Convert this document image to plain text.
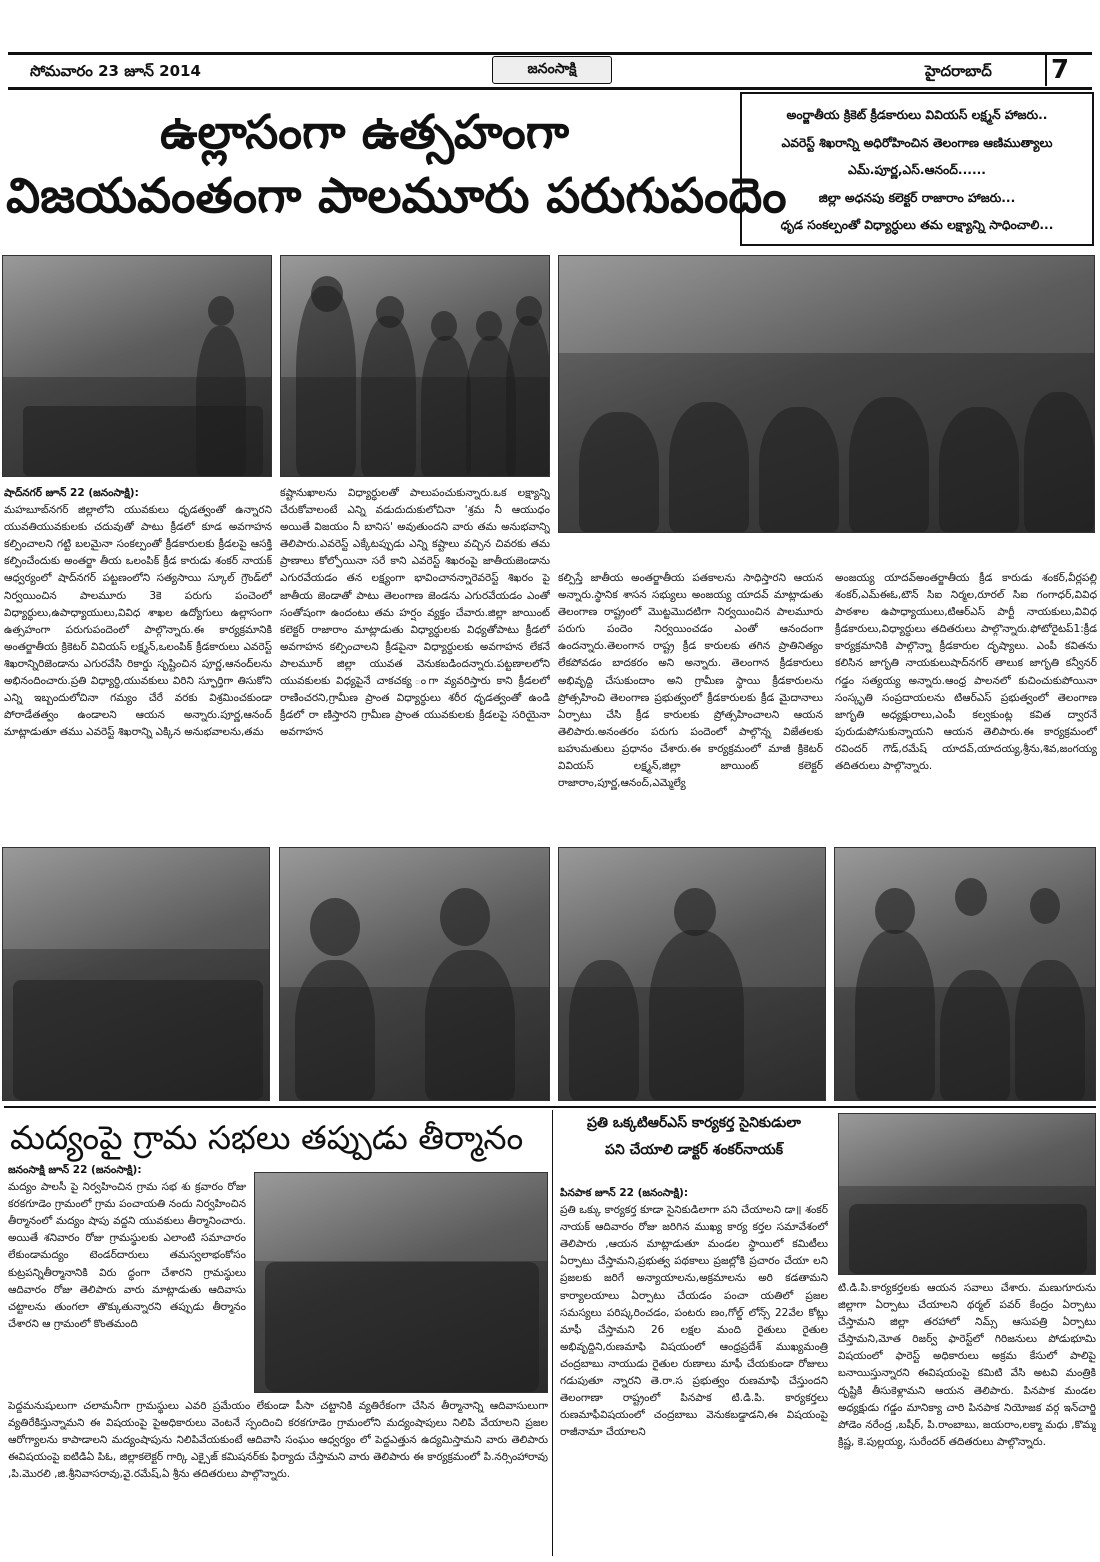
సోమవారం 23 జూన్ 2014	జనంసాక్షి	హైదరాబాద్ 7
ఉల్లాసంగా ఉత్సహంగా
విజయవంతంగా పాలమూరు పరుగుపందెం

అంర్జాతీయ క్రికెట్ క్రీడకారులు వివియస్ లక్ష్మన్ హాజరు..

ఎవరెస్ట్ శిఖరాన్ని అధిరోహించిన తెలంగాణ ఆణిముత్యాలు

ఎమ్.పూర్ణ,ఎస్.ఆనంద్......

జిల్లా అధనపు కలెక్టర్ రాజారాం హాజరు...

ధృడ సంకల్పంతో విధ్యార్ధులు తమ లక్ష్యాన్ని సాధించాలి...

షాద్‌నగర్ జూన్ 22 (జనంసాక్షి):
మహబూబ్‌నగర్ జిల్లాలోని యువకులు ధృడత్వంతో ఉన్నారని యువతియువకులకు చదువుతో పాటు క్రీడలో కూడ అవగాహన కల్పించాలని గట్టి బలమైనా సంకల్పంతో క్రీడకారులకు క్రీడలపై ఆసక్తి కల్పించేందుకు అంతర్జా తీయ ఒలంపిక్ క్రీడ కారుడు శంకర్ నాయక్ ఆధ్వర్యంలో షాద్‌నగర్ పట్టణంలోని సత్యసాయి స్కూల్ గ్రౌండ్‌లో నిర్వయించిన పాలమూరు 3కె పరుగు పంచెంలో విధ్యార్ధులు,ఉపాధ్యాయులు,వివిధ శాఖల ఉద్యోగులు ఉల్లాసంగా ఉత్సహంగా పరుగుపందెంలో పాల్గొన్నారు.ఈ కార్యక్రమానికి అంతర్జాతీయ క్రికెటర్ వివియస్ లక్ష్మన్,ఒలంపిక్ క్రీడకారులు ఎవరెస్ట్ శిఖరాన్నిరిజెండాను ఎగురవేసి రికార్డు సృష్టించిన పూర్ణ,ఆనంద్‌లను అభినందించారు.ప్రతి విధ్యార్ధి,యువకులు విరిని స్ఫూర్తిగా తిసుకోని ఎన్ని ఇబ్బందులోచినా గమ్యం చేరే వరకు విశ్రమించకుండా పోరాడేతత్వం ఉండాలని ఆయన అన్నారు.పూర్ణ,ఆనంద్ మాట్లాడుతూ తము ఎవరెస్ట్ శిఖరాన్ని ఎక్కిన అనుభవాలను,తమ
కష్టానుఖాలను విధ్యార్ధులతో పాలుపంచుకున్నారు.ఒక లక్ష్యాన్ని చేరుకోవాలంటే ఎన్ని వడుదుదుకులోచినా 'శ్రమ నీ ఆయుధం అయితే విజయం నీ బానిస' అవుతుందని వారు తమ అనుభవాన్ని తెలిపారు.ఎవరెస్ట్ ఎక్కేటప్పుడు ఎన్ని కష్టాలు వచ్చిన చివరకు తమ ప్రాణాలు కోల్పోయినా సరే కాని ఎవరెస్ట్ శిఖరంపై జాతీయజెండాను ఎగురవేయడం తన లక్ష్యంగా భావించానన్నారెవరెస్ట్ శిఖరం పై జాతీయ జెండాతో పాటు తెలంగాణ జెండను ఎగురవేయడం ఎంతో సంతోషంగా ఉందంటు తమ హర్షం వ్యక్తం చేవారు.జిల్లా జాయింట్ కలెక్టర్ రాజారాం మాట్లాడుతు విధ్యార్ధులకు విధ్యతోపాటు క్రీడలో అవగాహన కల్పించాలని క్రీడపైనా విధ్యార్ధులకు అవగాహన లేకనే పాలమూర్ జిల్లా యువత వెనుకబడిందన్నారు.పట్టణాలలోని యువకులకు విధ్యపైనే చాకచక్య ంగా వ్యవరిస్తారు కాని క్రీడలలో రాణించరని,గ్రామీణ ప్రాంత విధ్యార్ధులు శరీర ధృడత్వంతో ఉండి క్రీడలో రా ణిస్తారని గ్రామీణ ప్రాంత యువకులకు క్రీడలపై సరియైనా అవగాహన
కల్పిస్తే జాతీయ అంతర్జాతీయ పతకాలను సాధిస్తారని ఆయన అన్నారు.స్థానిక శాసన సభ్యులు అంజయ్య యాదవ్ మాట్లాడుతు తెలంగాణ రాష్ట్రంలో మొట్టమొదటిగా నిర్వయించిన పాలమూరు పరుగు పందెం నిర్వయించడం ఎంతో ఆనందంగా ఉందన్నారు.తెలంగాన రాష్ట్ర క్రీడ కారులకు తగిన ప్రాతినిత్యం లేకపోవడం బాదకరం అని అన్నారు. తెలంగాన క్రీడకారులు అభివృద్ది చేసుకుందాం అని గ్రామీణ స్థాయి క్రీడకారులను ప్రోత్సహించి తెలంగాణ ప్రభుత్వంలో క్రీడకారులకు క్రీడ మైదానాలు ఏర్పాటు చేసి క్రీడ కారులకు ప్రోత్సహించాలని ఆయన తెలిపారు.అనంతరం పరుగు పందెంలో పాల్గొన్న విజేతలకు బహుమతులు ప్రధానం చేశారు.ఈ కార్యక్రమంలో మాజీ క్రికెటర్ వివియస్ లక్ష్మన్,జిల్లా జాయింట్ కలెక్టర్ రాజారాం,పూర్ణ,ఆనంద్,ఎమ్మెల్యే
అంజయ్య యాదవ్అంతర్జాతీయ క్రీడ కారుడు శంకర్,వీర్లపల్లి శంకర్,ఎమ్ఈఓ,టౌన్ సిఐ నిర్మల,రూరల్ సిఐ గంగాధర్,వివిధ పాఠశాల ఉపాధ్యాయులు,టిఆర్ఎస్ పార్టీ నాయకులు,వివిధ క్రీడకారులు,విధ్యార్ధులు తదితరులు పాల్గొన్నారు.ఫోటోరైటప్1:క్రీడ కార్యక్రమానికి పాల్గొన్నా క్రీడకారుల దృష్యాలు. ఎంపీ కవితను కలిసిన జాగృతి నాయకులుషాద్‌నగర్ తాలుక జాగృతి కన్వీనర్ గడ్డం సత్యయ్య అన్నారు.ఆంధ్ర పాలనలో కుచించుకుపోయినా సంస్కృతి సంప్రదాయలను టిఆర్ఎస్ ప్రభుత్వంలో తెలంగాణ జాగృతి అధ్యక్షురాలు,ఎంపీ కల్వకుంట్ల కవిత ద్వారనే పురుడుపోసుకున్నాయని ఆయన తెలిపారు.ఈ కార్యక్రమంలో రవిందర్ గౌడ్,రమేష్ యాదవ్,యాదయ్య,శ్రీను,శివ,జంగయ్య తదితరులు పాల్గొన్నారు.
మద్యంపై గ్రామ సభలు తప్పుడు తీర్మానం
జనంసాక్షి జూన్ 22 (జనంసాక్షి):
మద్యం పాలసీ పై నిర్వహించిన గ్రామ సభ శు క్రవారం రోజు కరకగూడెం గ్రామంలో గ్రామ పంచాయతి నందు నిర్వహించిన తీర్మానంలో మద్యం షాపు వద్దని యువకులు తీర్మానించారు. అయితే శనివారం రోజు గ్రామస్థులకు ఎలాంటి సమాచారం లేకుండామద్యం టెండర్‌దారులు తమస్వలాభంకోసం కుట్రపన్నితీర్మానానికి విరు ద్ధంగా చేశారని గ్రామస్థులు ఆదివారం రోజు తెలిపారు వారు మాట్లాడుతు ఆదివాసు చట్టాలను తుంగలా తొక్కుతున్నారని తప్పుడు తీర్మానం చేశారని ఆ గ్రామంలో కొంతమంది
పెద్దమనుషులుగా చలామనీగా గ్రామస్థులు ఎవరి ప్రమేయం లేకుండా పీసా చట్టానికి వ్యతిరేకంగా చేసిన తీర్మానాన్ని ఆదివాసులుగా వ్యతిరేకిస్తున్నామని ఈ విషయంపై పైఅధికారులు వెంటనే స్పందించి కరకగూడెం గ్రామంలోని మద్యంషాపులు నిలిపి వేయాలని ప్రజల ఆరోగ్యాలను కాపాడాలని మద్యంషాపును నిలిపివేయకుంటే ఆదివాసి సంఘం ఆధ్వర్యం లో పెద్దఎత్తున ఉద్యమిస్తామని వారు తెలిపారు ఈవిషయంపై ఐటిడిఏ పిఓ, జిల్లాకలెక్టర్ గార్కి ఎక్సైజ్ కమిషనర్‌కు ఫిర్యాదు చేస్తామని వారు తెలిపారు ఈ కార్యక్రమంలో పి.నర్సింహారావు ,పి.మొరలి ,జి.శ్రీనివాసరావు,వై.రమేష్,ఏ శ్రీను తదితరులు పాల్గొన్నారు.

ప్రతి ఒక్కటిఆర్ఎస్ కార్యకర్త సైనికుడులా

పని చేయాలి డాక్టర్ శంకర్‌నాయక్

పినపాక జూన్ 22 (జనంసాక్షి):
ప్రతి ఒక్కు కార్యకర్త కూడా సైనికుడిలాగా పని చేయాలని డా॥ శంకర్ నాయక్ ఆదివారం రోజు జరిగిన ముఖ్య కార్య కర్తల సమావేశంలో తెలిపారు ,ఆయన మాట్లాడుతూ మండల స్థాయిలో కమిటీలు ఏర్పాటు చేస్తామని,ప్రభుత్వ పథకాలు ప్రజల్లోకి ప్రచారం చేయా లని ప్రజలకు జరిగే అన్యాయాలను,అక్రమాలను అరి కడతామని కార్యాలయాలు ఏర్పాటు చేయడం పంచా యతిలో ప్రజల సమస్యలు పరిష్కరించడం, పంటరు ణం,గోల్డ్ లోన్స్ 22వేల కోట్లు మాఫీ చేస్తామని 26 లక్షల మంది రైతులు రైతుల అభివృద్దిని,రుణమాఫి విషయంలో ఆంధ్రప్రదేశ్ ముఖ్యమంత్రి చంద్రబాబు నాయుడు రైతుల రుణాలు మాఫీ చేయకుండా రోజులు గడుపుతూ న్నారని తె.రా.స ప్రభుత్వం రుణమాఫి చేస్తుందని తెలంగాణా రాష్ట్రంలో పినపాక టి.డి.పి. కార్యకర్తలు రుణమాఫీవిషయంలో చంద్రబాబు వెనుకబడ్డాడని,ఈ విషయంపై రాజీనామా చేయాలని
టి.డి.పి.కార్యకర్తలకు ఆయన సవాలు చేశారు. మణుగూరును జిల్లాగా ఏర్పాటు చేయాలని థర్మల్ పవర్ కేంద్రం ఏర్పాటు చేస్తామని జిల్లా తరహాలో నిమ్స్ ఆసుపత్రి ఏర్పాటు చేస్తామని,మోత రిజర్వ్ ఫారెస్ట్‌లో గిరిజనులు పోడుభూమి విషయంలో ఫారెస్ట్ అధికారులు అక్రమ కేసులో పాలిపై బనాయిస్తున్నారని ఈవిషయంపై కమిటి వేసి అటవి మంత్రికి దృష్టికి తీసుకెళ్లామని ఆయన తెలిపారు. పినపాక మండల అధ్యక్షుడు గడ్డం మానిక్యా చారి పినపాక నియోజక వర్గ ఇన్‌చార్జి పోడెం నరేంద్ర ,బషీర్, పి.రాంబాబు, జయరాం,లక్మా మధు ,కొమ్మ క్రిష్ణ, కె.పుల్లయ్య, సురేందర్ తదితరులు పాల్గొన్నారు.
